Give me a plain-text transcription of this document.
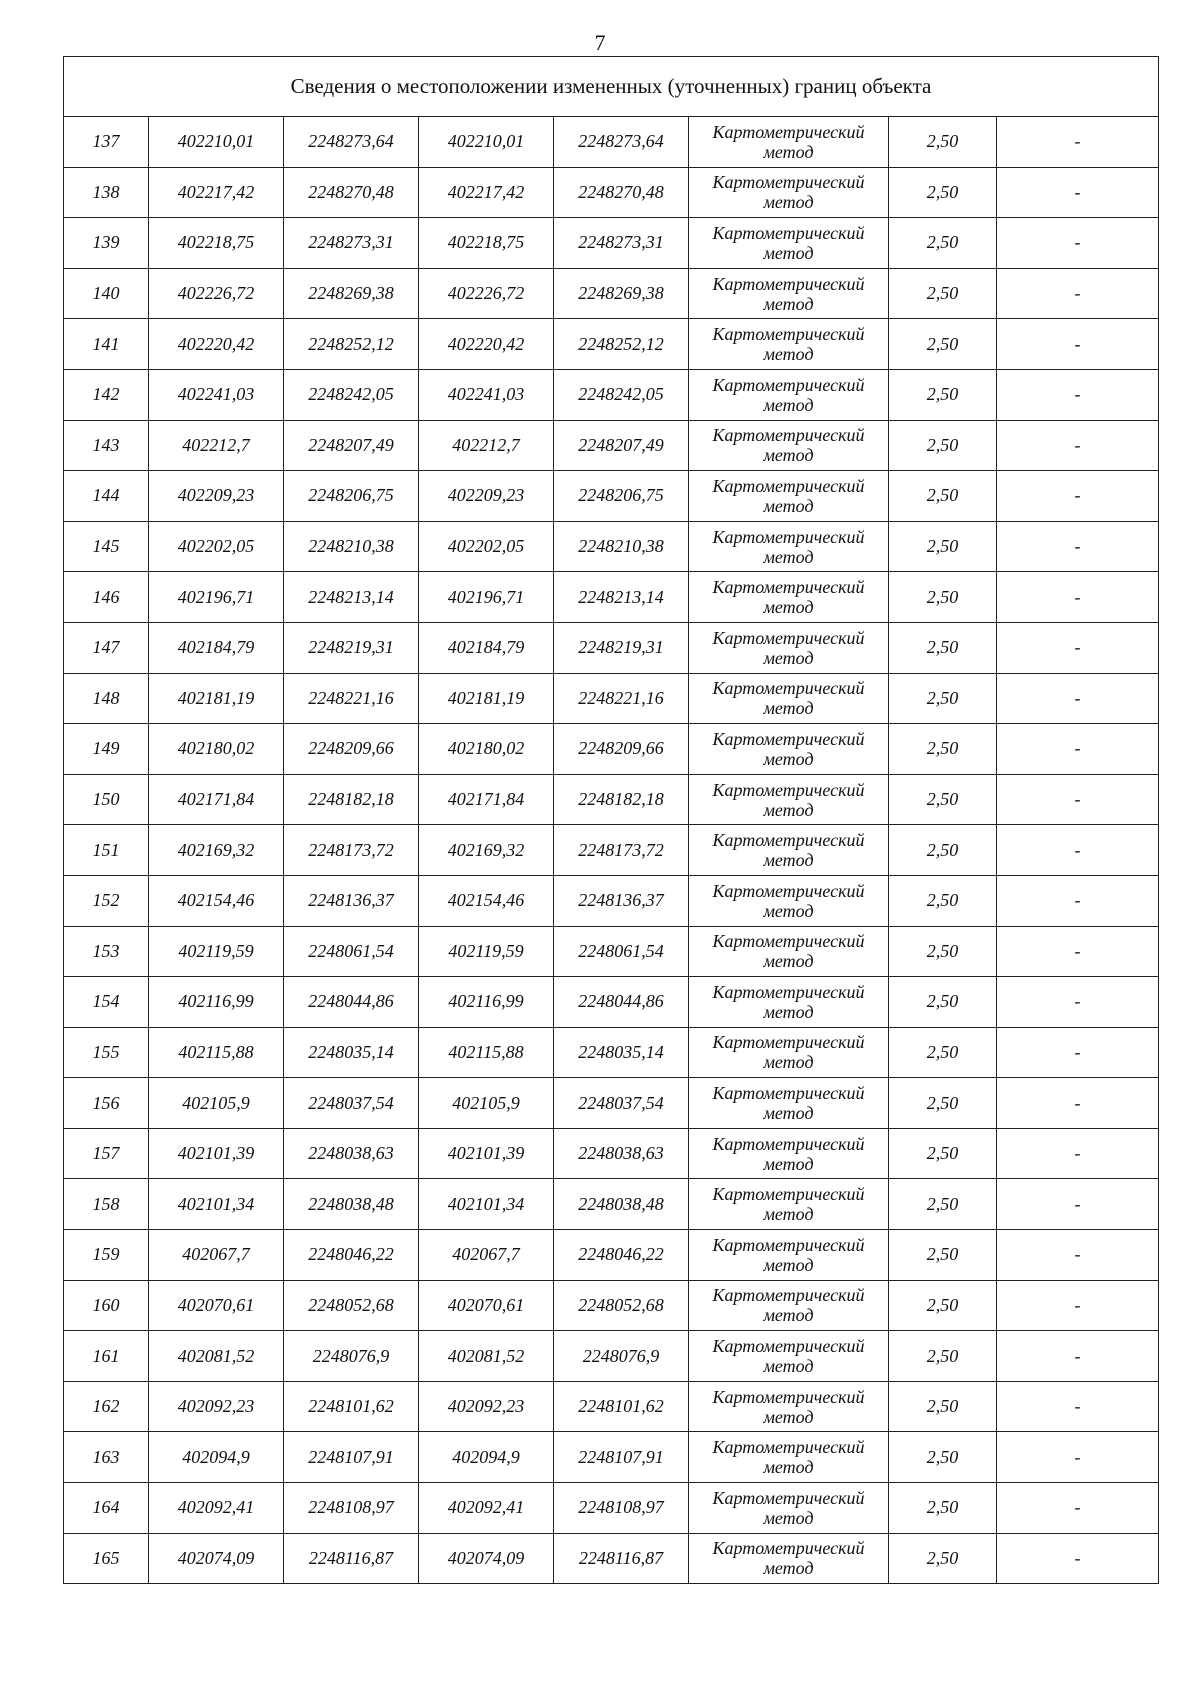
7
Сведения о местоположении измененных (уточненных) границ объекта							
137	402210,01	2248273,64	402210,01	2248273,64	Картометрический
метод	2,50	-
138	402217,42	2248270,48	402217,42	2248270,48	Картометрический
метод	2,50	-
139	402218,75	2248273,31	402218,75	2248273,31	Картометрический
метод	2,50	-
140	402226,72	2248269,38	402226,72	2248269,38	Картометрический
метод	2,50	-
141	402220,42	2248252,12	402220,42	2248252,12	Картометрический
метод	2,50	-
142	402241,03	2248242,05	402241,03	2248242,05	Картометрический
метод	2,50	-
143	402212,7	2248207,49	402212,7	2248207,49	Картометрический
метод	2,50	-
144	402209,23	2248206,75	402209,23	2248206,75	Картометрический
метод	2,50	-
145	402202,05	2248210,38	402202,05	2248210,38	Картометрический
метод	2,50	-
146	402196,71	2248213,14	402196,71	2248213,14	Картометрический
метод	2,50	-
147	402184,79	2248219,31	402184,79	2248219,31	Картометрический
метод	2,50	-
148	402181,19	2248221,16	402181,19	2248221,16	Картометрический
метод	2,50	-
149	402180,02	2248209,66	402180,02	2248209,66	Картометрический
метод	2,50	-
150	402171,84	2248182,18	402171,84	2248182,18	Картометрический
метод	2,50	-
151	402169,32	2248173,72	402169,32	2248173,72	Картометрический
метод	2,50	-
152	402154,46	2248136,37	402154,46	2248136,37	Картометрический
метод	2,50	-
153	402119,59	2248061,54	402119,59	2248061,54	Картометрический
метод	2,50	-
154	402116,99	2248044,86	402116,99	2248044,86	Картометрический
метод	2,50	-
155	402115,88	2248035,14	402115,88	2248035,14	Картометрический
метод	2,50	-
156	402105,9	2248037,54	402105,9	2248037,54	Картометрический
метод	2,50	-
157	402101,39	2248038,63	402101,39	2248038,63	Картометрический
метод	2,50	-
158	402101,34	2248038,48	402101,34	2248038,48	Картометрический
метод	2,50	-
159	402067,7	2248046,22	402067,7	2248046,22	Картометрический
метод	2,50	-
160	402070,61	2248052,68	402070,61	2248052,68	Картометрический
метод	2,50	-
161	402081,52	2248076,9	402081,52	2248076,9	Картометрический
метод	2,50	-
162	402092,23	2248101,62	402092,23	2248101,62	Картометрический
метод	2,50	-
163	402094,9	2248107,91	402094,9	2248107,91	Картометрический
метод	2,50	-
164	402092,41	2248108,97	402092,41	2248108,97	Картометрический
метод	2,50	-
165	402074,09	2248116,87	402074,09	2248116,87	Картометрический
метод	2,50	-
